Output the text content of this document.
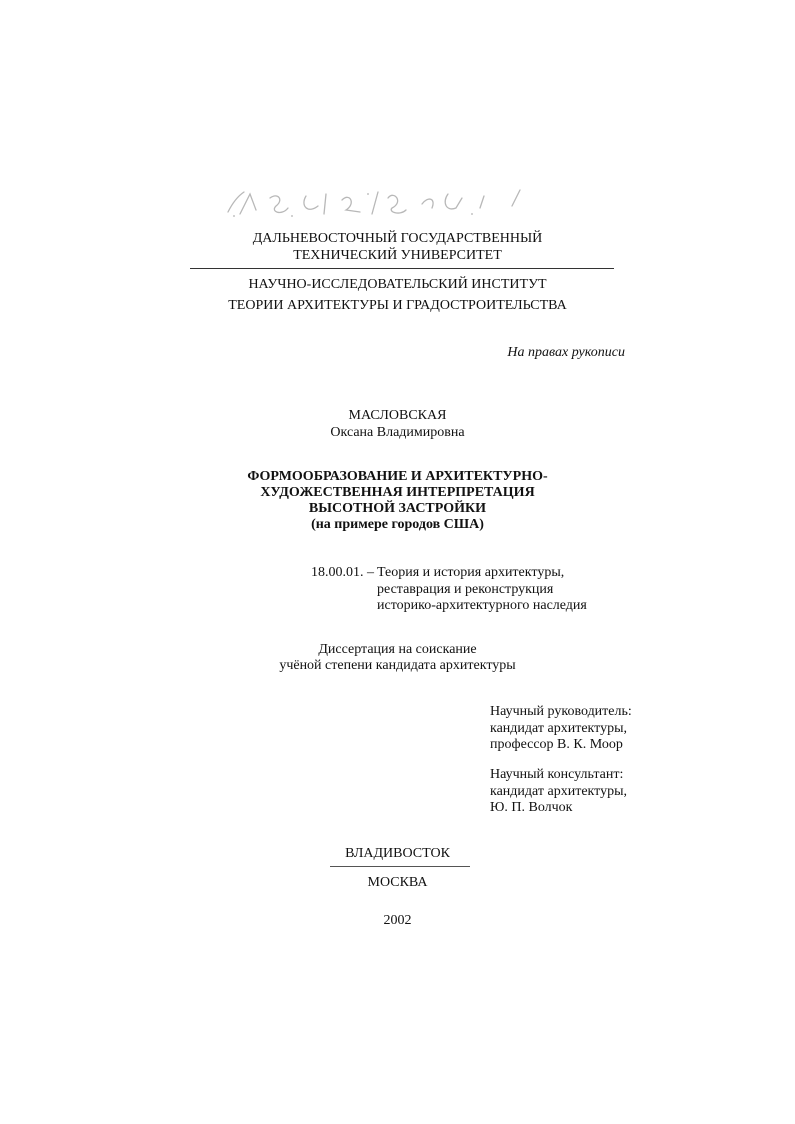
ДАЛЬНЕВОСТОЧНЫЙ ГОСУДАРСТВЕННЫЙ
ТЕХНИЧЕСКИЙ УНИВЕРСИТЕТ
НАУЧНО-ИССЛЕДОВАТЕЛЬСКИЙ ИНСТИТУТ
ТЕОРИИ АРХИТЕКТУРЫ И ГРАДОСТРОИТЕЛЬСТВА
На правах рукописи
МАСЛОВСКАЯ
Оксана Владимировна
ФОРМООБРАЗОВАНИЕ И АРХИТЕКТУРНО-
ХУДОЖЕСТВЕННАЯ ИНТЕРПРЕТАЦИЯ
ВЫСОТНОЙ ЗАСТРОЙКИ
(на примере городов США)
18.00.01. – Теория и история архитектуры,
реставрация и реконструкция
историко-архитектурного наследия
Диссертация на соискание
учёной степени кандидата архитектуры
Научный руководитель:
кандидат архитектуры,
профессор В. К. Моор
Научный консультант:
кандидат архитектуры,
Ю. П. Волчок
ВЛАДИВОСТОК
МОСКВА
2002
